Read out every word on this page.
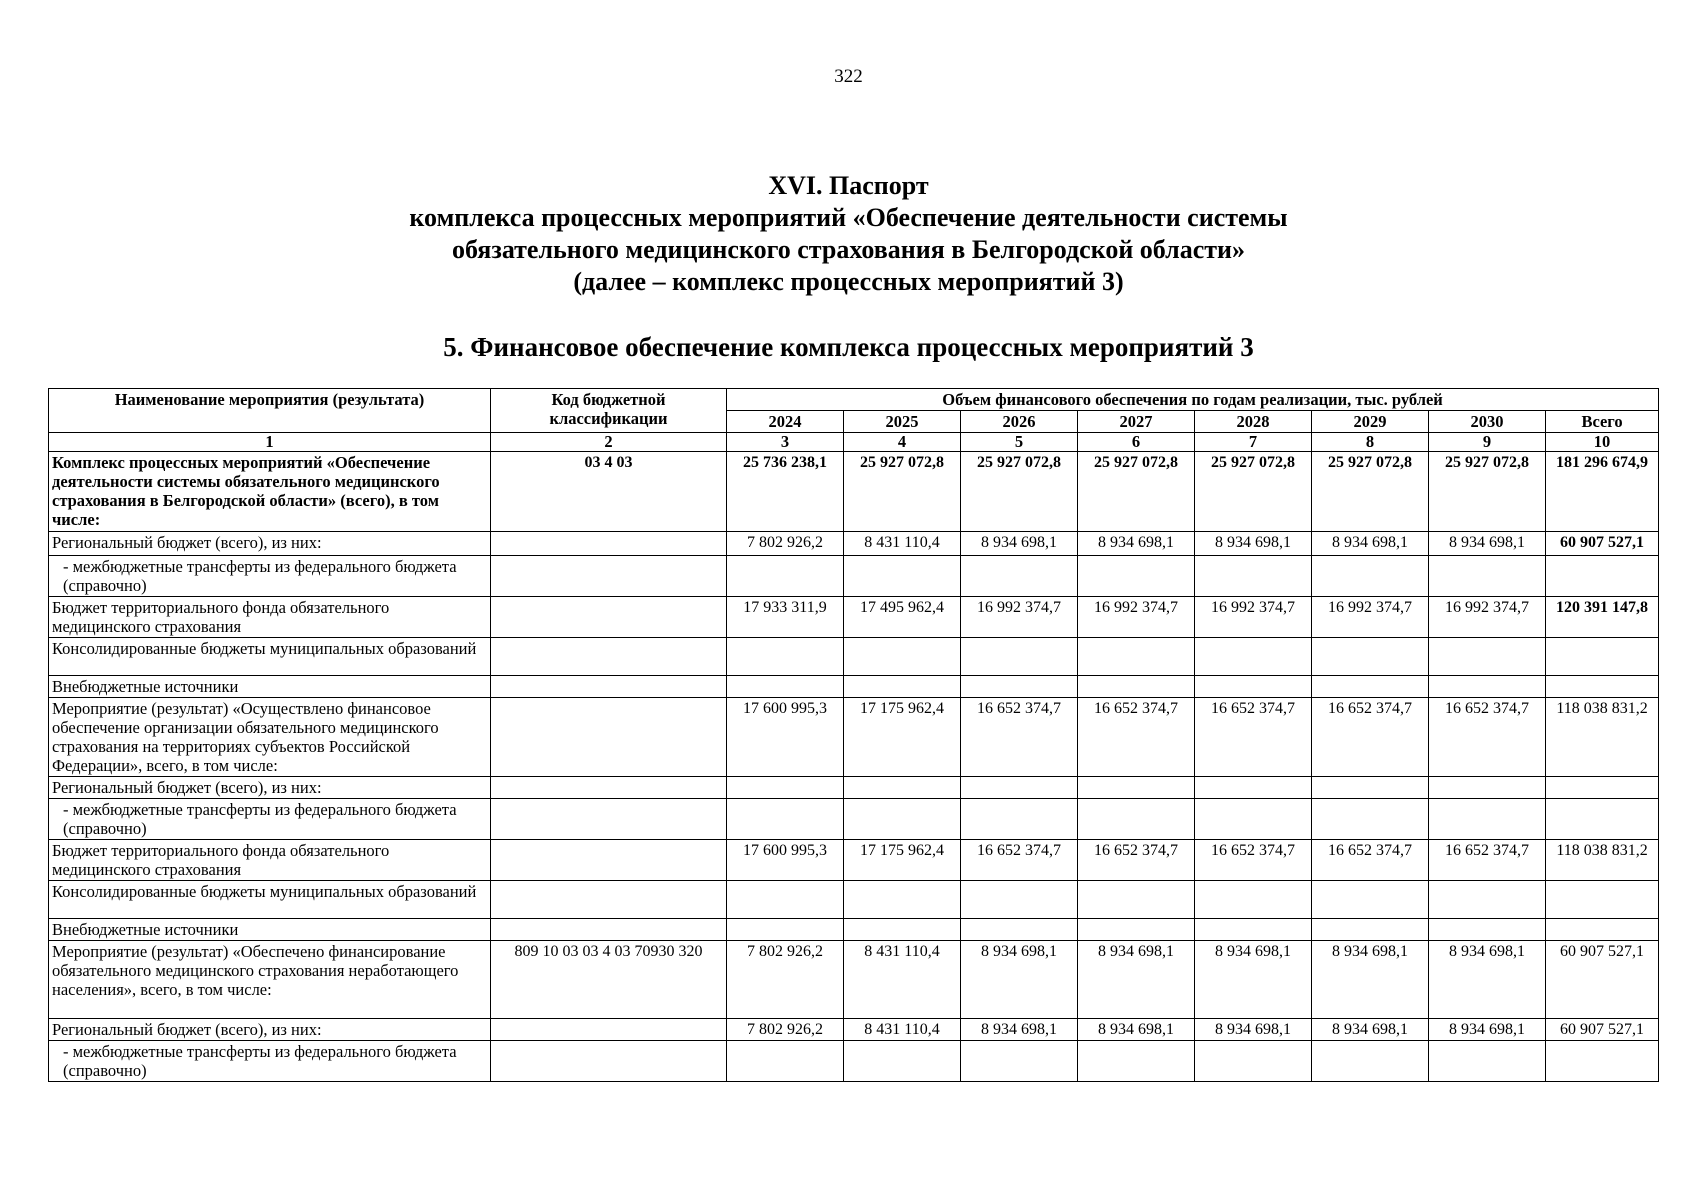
322
XVI. Паспорт
комплекса процессных мероприятий «Обеспечение деятельности системы
обязательного медицинского страхования в Белгородской области»
(далее – комплекс процессных мероприятий 3)
5. Финансовое обеспечение комплекса процессных мероприятий 3
Наименование мероприятия (результата)	Код бюджетной классификации	Объем финансового обеспечения по годам реализации, тыс. рублей							
		2024	2025	2026	2027	2028	2029	2030	Всего
1	2	3	4	5	6	7	8	9	10
Комплекс процессных мероприятий «Обеспечение деятельности системы обязательного медицинского страхования в Белгородской области» (всего), в том числе:	03 4 03	25 736 238,1	25 927 072,8	25 927 072,8	25 927 072,8	25 927 072,8	25 927 072,8	25 927 072,8	181 296 674,9
Региональный бюджет (всего), из них:		7 802 926,2	8 431 110,4	8 934 698,1	8 934 698,1	8 934 698,1	8 934 698,1	8 934 698,1	60 907 527,1
- межбюджетные трансферты из федерального бюджета (справочно)									
Бюджет территориального фонда обязательного медицинского страхования		17 933 311,9	17 495 962,4	16 992 374,7	16 992 374,7	16 992 374,7	16 992 374,7	16 992 374,7	120 391 147,8
Консолидированные бюджеты муниципальных образований									
Внебюджетные источники									
Мероприятие (результат) «Осуществлено финансовое обеспечение организации обязательного медицинского страхования на территориях субъектов Российской Федерации», всего, в том числе:		17 600 995,3	17 175 962,4	16 652 374,7	16 652 374,7	16 652 374,7	16 652 374,7	16 652 374,7	118 038 831,2
Региональный бюджет (всего), из них:									
- межбюджетные трансферты из федерального бюджета (справочно)									
Бюджет территориального фонда обязательного медицинского страхования		17 600 995,3	17 175 962,4	16 652 374,7	16 652 374,7	16 652 374,7	16 652 374,7	16 652 374,7	118 038 831,2
Консолидированные бюджеты муниципальных образований									
Внебюджетные источники									
Мероприятие (результат) «Обеспечено финансирование обязательного медицинского страхования неработающего населения», всего, в том числе:	809 10 03 03 4 03 70930 320	7 802 926,2	8 431 110,4	8 934 698,1	8 934 698,1	8 934 698,1	8 934 698,1	8 934 698,1	60 907 527,1
Региональный бюджет (всего), из них:		7 802 926,2	8 431 110,4	8 934 698,1	8 934 698,1	8 934 698,1	8 934 698,1	8 934 698,1	60 907 527,1
- межбюджетные трансферты из федерального бюджета (справочно)									
